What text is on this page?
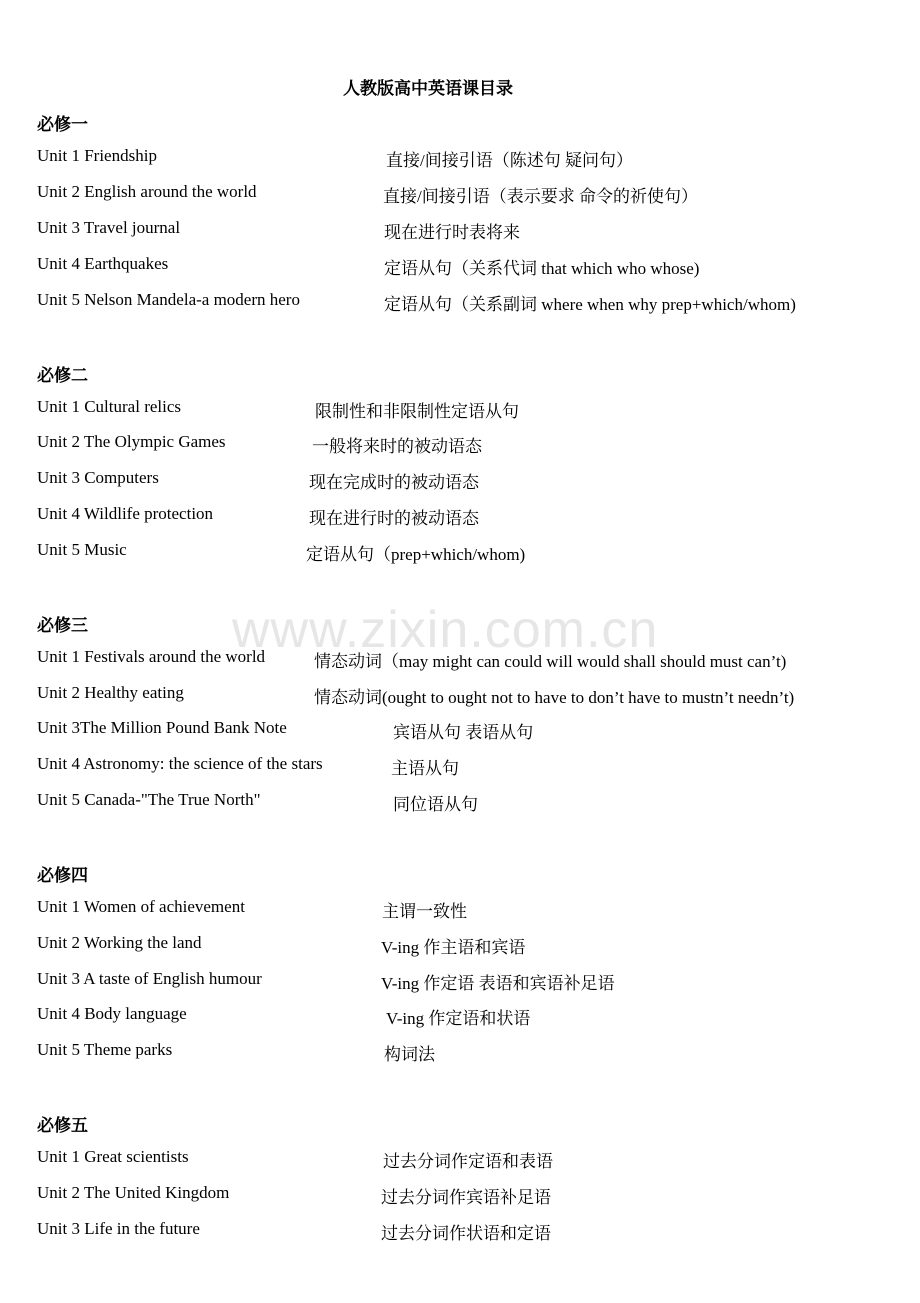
www.zixin.com.cn
人教版高中英语课目录
必修一
Unit 1 Friendship	直接/间接引语（陈述句 疑问句）
Unit 2 English around the world	直接/间接引语（表示要求 命令的祈使句）
Unit 3 Travel journal	现在进行时表将来
Unit 4 Earthquakes	定语从句（关系代词 that which who whose)
Unit 5 Nelson Mandela-a modern hero	定语从句（关系副词 where when why prep+which/whom)
必修二
Unit 1 Cultural relics	限制性和非限制性定语从句
Unit 2 The Olympic Games	一般将来时的被动语态
Unit 3 Computers	现在完成时的被动语态
Unit 4 Wildlife protection	现在进行时的被动语态
Unit 5 Music	定语从句（prep+which/whom)
必修三
Unit 1 Festivals around the world	情态动词（may might can could will would shall should must can’t)
Unit 2 Healthy eating	情态动词(ought to ought not to have to don’t have to mustn’t needn’t)
Unit 3The Million Pound Bank Note	宾语从句 表语从句
Unit 4 Astronomy: the science of the stars	主语从句
Unit 5 Canada-"The True North"	同位语从句
必修四
Unit 1 Women of achievement	主谓一致性
Unit 2 Working the land	V-ing 作主语和宾语
Unit 3 A taste of English humour	V-ing 作定语 表语和宾语补足语
Unit 4 Body language	V-ing 作定语和状语
Unit 5 Theme parks	构词法
必修五
Unit 1 Great scientists	过去分词作定语和表语
Unit 2 The United Kingdom	过去分词作宾语补足语
Unit 3 Life in the future	过去分词作状语和定语
